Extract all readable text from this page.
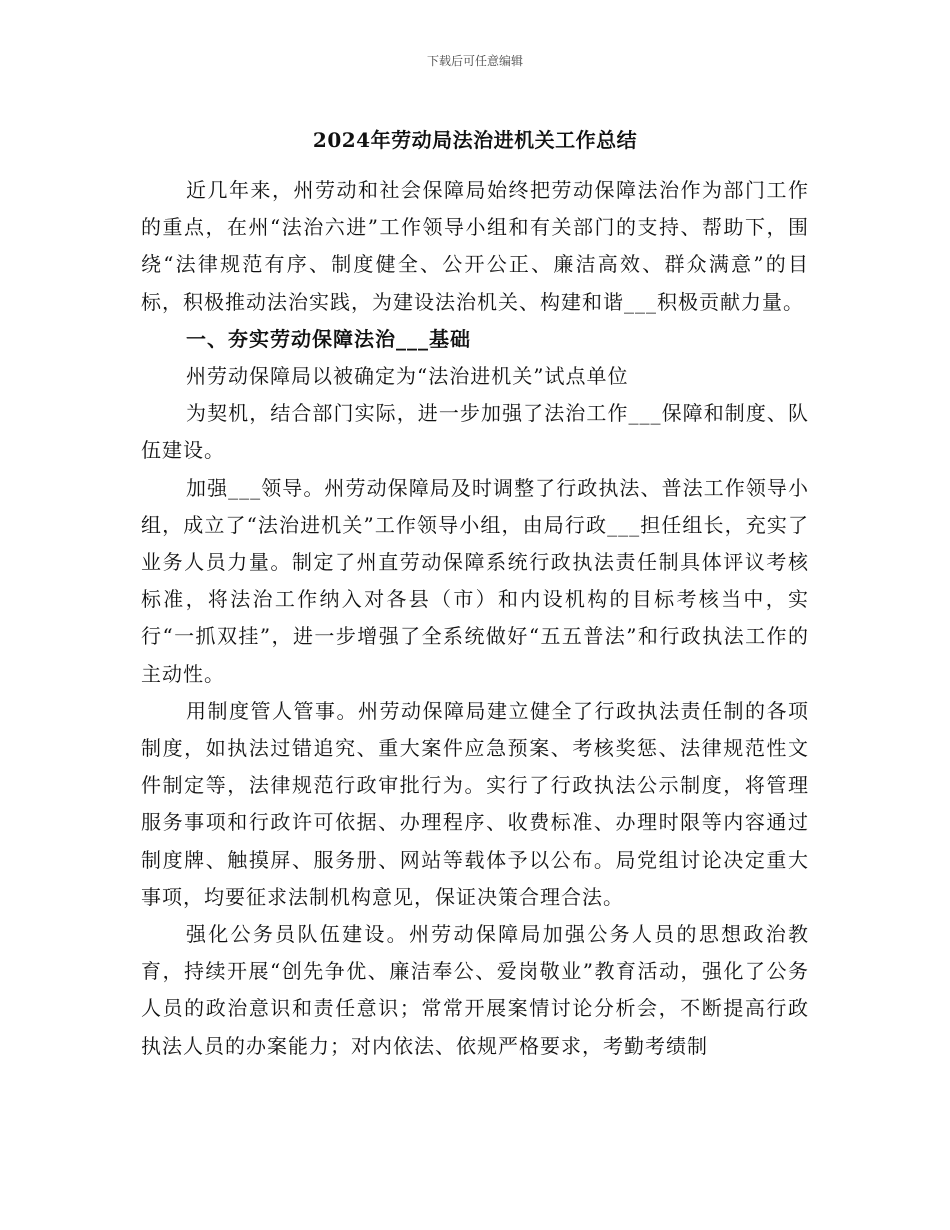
下载后可任意编辑
2024年劳动局法治进机关工作总结

近几年来，州劳动和社会保障局始终把劳动保障法治作为部门工作的重点，在州“法治六进”工作领导小组和有关部门的支持、帮助下，围绕“法律规范有序、制度健全、公开公正、廉洁高效、群众满意”的目标，积极推动法治实践，为建设法治机关、构建和谐___积极贡献力量。

一、夯实劳动保障法治___基础

州劳动保障局以被确定为“法治进机关”试点单位

为契机，结合部门实际，进一步加强了法治工作___保障和制度、队伍建设。

加强___领导。州劳动保障局及时调整了行政执法、普法工作领导小组，成立了“法治进机关”工作领导小组，由局行政___担任组长，充实了业务人员力量。制定了州直劳动保障系统行政执法责任制具体评议考核标准，将法治工作纳入对各县（市）和内设机构的目标考核当中，实行“一抓双挂”，进一步增强了全系统做好“五五普法”和行政执法工作的主动性。

用制度管人管事。州劳动保障局建立健全了行政执法责任制的各项制度，如执法过错追究、重大案件应急预案、考核奖惩、法律规范性文件制定等，法律规范行政审批行为。实行了行政执法公示制度，将管理服务事项和行政许可依据、办理程序、收费标准、办理时限等内容通过制度牌、触摸屏、服务册、网站等载体予以公布。局党组讨论决定重大事项，均要征求法制机构意见，保证决策合理合法。

强化公务员队伍建设。州劳动保障局加强公务人员的思想政治教育，持续开展“创先争优、廉洁奉公、爱岗敬业”教育活动，强化了公务人员的政治意识和责任意识；常常开展案情讨论分析会，不断提高行政执法人员的办案能力；对内依法、依规严格要求，考勤考绩制
